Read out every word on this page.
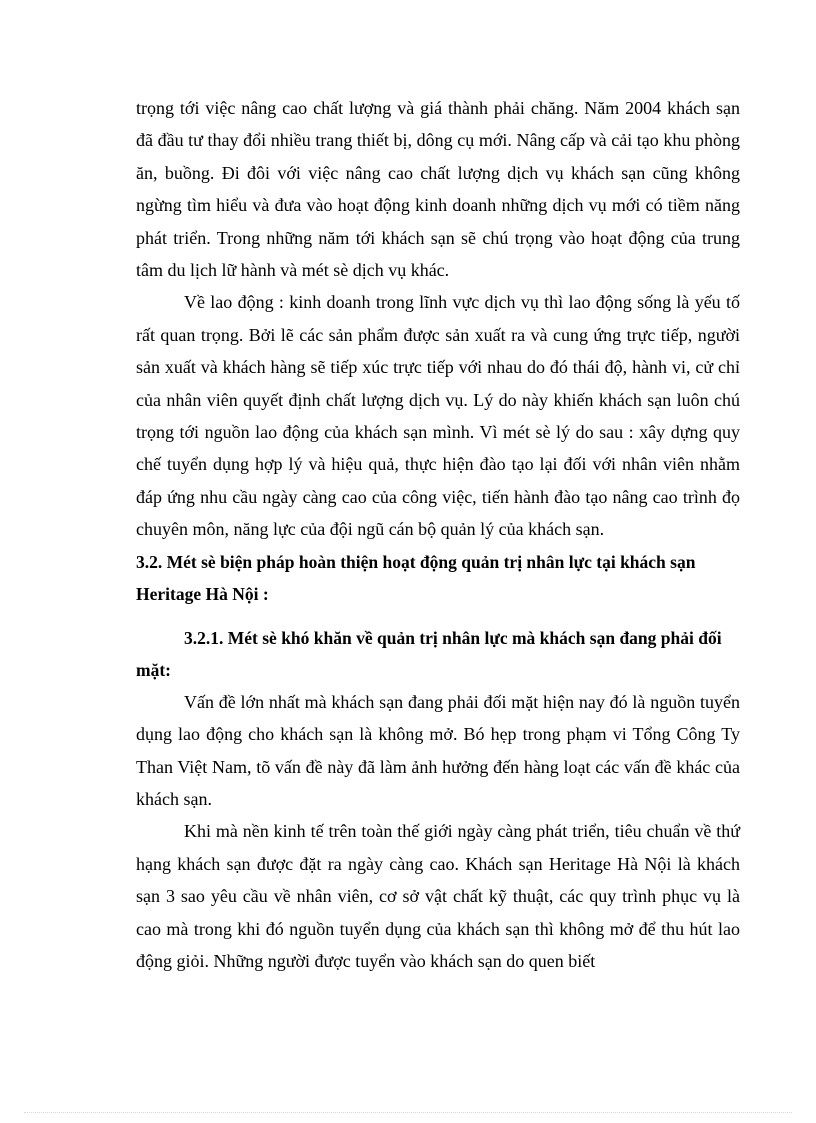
trọng tới việc nâng cao chất lượng và giá thành phải chăng. Năm 2004 khách sạn đã đầu tư thay đổi nhiều trang thiết bị, dông cụ mới. Nâng cấp và cải tạo khu phòng ăn, buồng. Đi đôi với việc nâng cao chất lượng dịch vụ khách sạn cũng không ngừng tìm hiểu và đưa vào hoạt động kinh doanh những dịch vụ mới có tiềm năng phát triển. Trong những năm tới khách sạn sẽ chú trọng vào hoạt động của trung tâm du lịch lữ hành và mét sè dịch vụ khác.

Về lao động : kinh doanh trong lĩnh vực dịch vụ thì lao động sống là yếu tố rất quan trọng. Bởi lẽ các sản phẩm được sản xuất ra và cung ứng trực tiếp, người sản xuất và khách hàng sẽ tiếp xúc trực tiếp với nhau do đó thái độ, hành vi, cử chỉ của nhân viên quyết định chất lượng dịch vụ. Lý do này khiến khách sạn luôn chú trọng tới nguồn lao động của khách sạn mình. Vì mét sè lý do sau : xây dựng quy chế tuyển dụng hợp lý và hiệu quả, thực hiện đào tạo lại đối với nhân viên nhằm đáp ứng nhu cầu ngày càng cao của công việc, tiến hành đào tạo nâng cao trình đọ chuyên môn, năng lực của đội ngũ cán bộ quản lý của khách sạn.

3.2. Mét sè biện pháp hoàn thiện hoạt động quản trị nhân lực tại khách sạn Heritage Hà Nội :

3.2.1. Mét sè khó khăn về quản trị nhân lực mà khách sạn đang phải đối mặt:

Vấn đề lớn nhất mà khách sạn đang phải đối mặt hiện nay đó là nguồn tuyển dụng lao động cho khách sạn là không mở. Bó hẹp trong phạm vi Tổng Công Ty Than Việt Nam, tõ vấn đề này đã làm ảnh hưởng đến hàng loạt các vấn đề khác của khách sạn.

Khi mà nền kinh tế trên toàn thế giới ngày càng phát triển, tiêu chuẩn về thứ hạng khách sạn được đặt ra ngày càng cao. Khách sạn Heritage Hà Nội là khách sạn 3 sao yêu cầu về nhân viên, cơ sở vật chất kỹ thuật, các quy trình phục vụ là cao mà trong khi đó nguồn tuyển dụng của khách sạn thì không mở để thu hút lao động giỏi. Những người được tuyển vào khách sạn do quen biết
